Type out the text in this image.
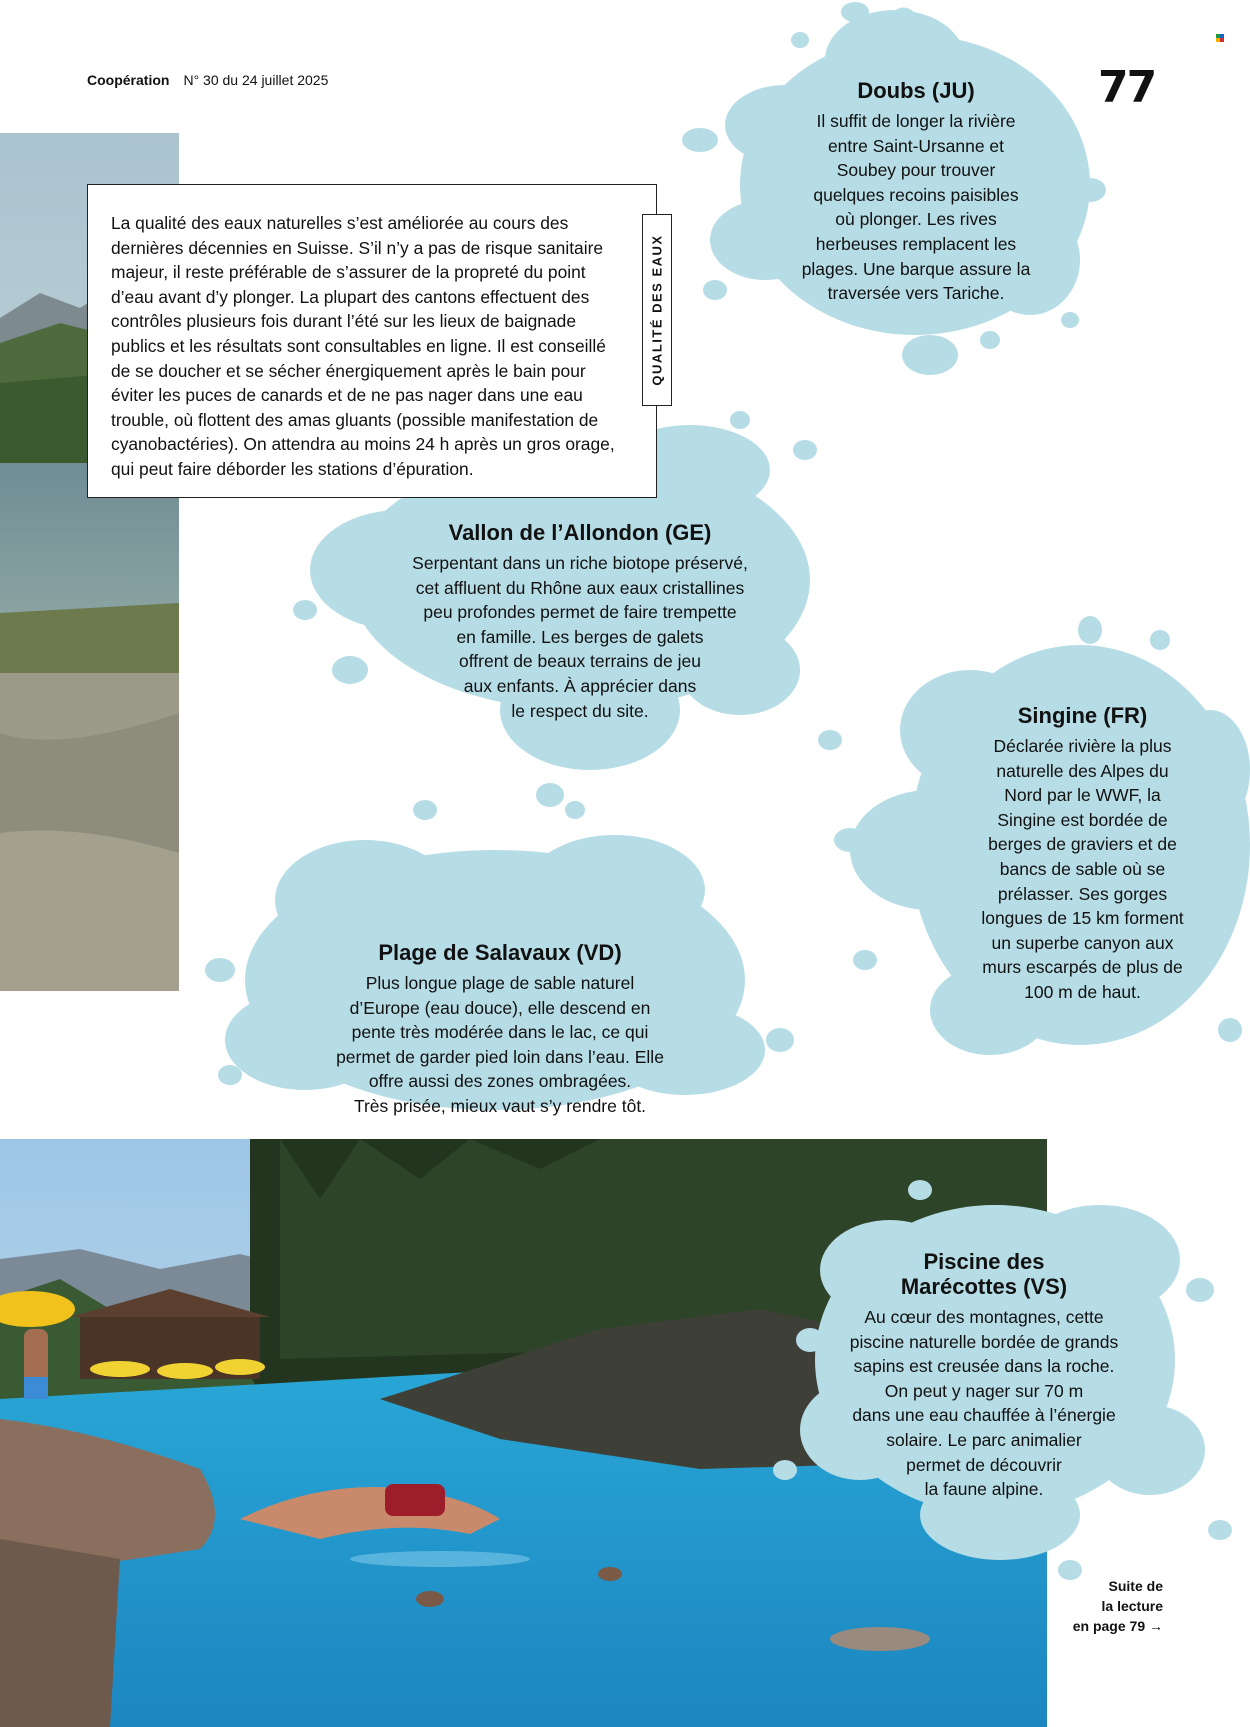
Coopération N° 30 du 24 juillet 2025	77
La qualité des eaux naturelles s’est améliorée au cours des
dernières décennies en Suisse. S’il n’y a pas de risque sanitaire
majeur, il reste préférable de s’assurer de la propreté du point
d’eau avant d’y plonger. La plupart des cantons effectuent des
contrôles plusieurs fois durant l’été sur les lieux de baignade
publics et les résultats sont consultables en ligne. Il est conseillé
de se doucher et se sécher énergiquement après le bain pour
éviter les puces de canards et de ne pas nager dans une eau
trouble, où flottent des amas gluants (possible manifestation de
cyanobactéries). On attendra au moins 24 h après un gros orage,
qui peut faire déborder les stations d’épuration.
QUALITÉ DES EAUX
Doubs (JU)
Il suffit de longer la rivière
entre Saint-Ursanne et
Soubey pour trouver
quelques recoins paisibles
où plonger. Les rives
herbeuses remplacent les
plages. Une barque assure la
traversée vers Tariche.
Vallon de l’Allondon (GE)
Serpentant dans un riche biotope préservé,
cet affluent du Rhône aux eaux cristallines
peu profondes permet de faire trempette
en famille. Les berges de galets
offrent de beaux terrains de jeu
aux enfants. À apprécier dans
le respect du site.	Singine (FR)
Déclarée rivière la plus
naturelle des Alpes du
Nord par le WWF, la
Singine est bordée de
berges de graviers et de
bancs de sable où se
prélasser. Ses gorges
longues de 15 km forment
un superbe canyon aux
murs escarpés de plus de
100 m de haut.
Plage de Salavaux (VD)
Plus longue plage de sable naturel
d’Europe (eau douce), elle descend en
pente très modérée dans le lac, ce qui
permet de garder pied loin dans l’eau. Elle
offre aussi des zones ombragées.
Très prisée, mieux vaut s’y rendre tôt.
Piscine des
Marécottes (VS)
Au cœur des montagnes, cette
piscine naturelle bordée de grands
sapins est creusée dans la roche.
On peut y nager sur 70 m
dans une eau chauffée à l’énergie
solaire. Le parc animalier
permet de découvrir
la faune alpine.
Suite de
la lecture
en page 79 →
